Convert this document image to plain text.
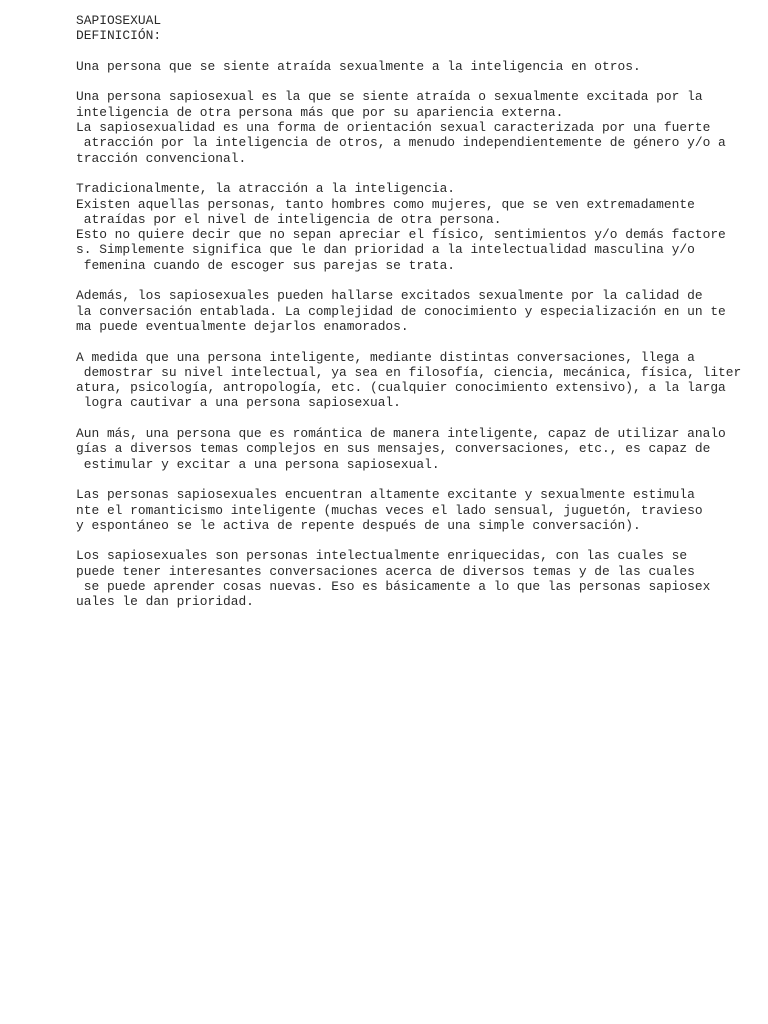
SAPIOSEXUAL
DEFINICIÓN:
Una persona que se siente atraída sexualmente a la inteligencia en otros.
Una persona sapiosexual es la que se siente atraída o sexualmente excitada por la
inteligencia de otra persona más que por su apariencia externa.
La sapiosexualidad es una forma de orientación sexual caracterizada por una fuerte
atracción por la inteligencia de otros, a menudo independientemente de género y/o a
tracción convencional.
Tradicionalmente, la atracción a la inteligencia.
Existen aquellas personas, tanto hombres como mujeres, que se ven extremadamente
atraídas por el nivel de inteligencia de otra persona.
Esto no quiere decir que no sepan apreciar el físico, sentimientos y/o demás factore
s. Simplemente significa que le dan prioridad a la intelectualidad masculina y/o
femenina cuando de escoger sus parejas se trata.
Además, los sapiosexuales pueden hallarse excitados sexualmente por la calidad de
la conversación entablada. La complejidad de conocimiento y especialización en un te
ma puede eventualmente dejarlos enamorados.
A medida que una persona inteligente, mediante distintas conversaciones, llega a
demostrar su nivel intelectual, ya sea en filosofía, ciencia, mecánica, física, liter
atura, psicología, antropología, etc. (cualquier conocimiento extensivo), a la larga
logra cautivar a una persona sapiosexual.
Aun más, una persona que es romántica de manera inteligente, capaz de utilizar analo
gías a diversos temas complejos en sus mensajes, conversaciones, etc., es capaz de
estimular y excitar a una persona sapiosexual.
Las personas sapiosexuales encuentran altamente excitante y sexualmente estimula
nte el romanticismo inteligente (muchas veces el lado sensual, juguetón, travieso
y espontáneo se le activa de repente después de una simple conversación).
Los sapiosexuales son personas intelectualmente enriquecidas, con las cuales se
puede tener interesantes conversaciones acerca de diversos temas y de las cuales
se puede aprender cosas nuevas. Eso es básicamente a lo que las personas sapiosex
uales le dan prioridad.
